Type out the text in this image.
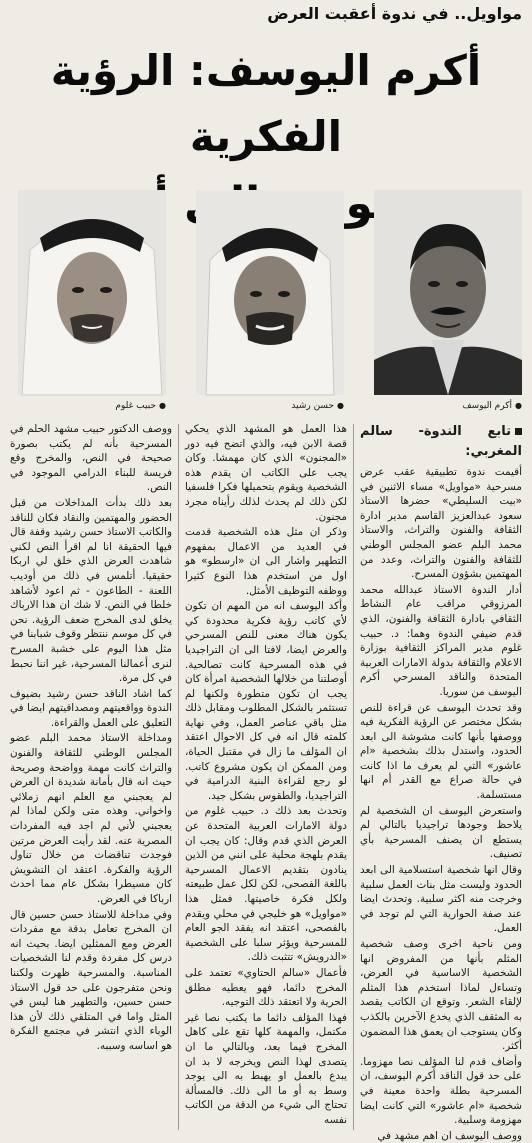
مواويل.. في ندوة أعقبت العرض
أكرم اليوسف: الرؤية الفكرية
مشوشة
●أكرم اليوسف
●حسن رشيد
●حبيب غلوم
تابع الندوة- سالم المغربي:

أقيمت ندوة تطبيقية عقب عرض مسرحية «مواويل» مساء الاثنين في «بيت السليطي» حضرها الاستاذ سعود عبدالعزيز القاسم مدير ادارة الثقافة والفنون والتراث، والاستاذ محمد البلم عضو المجلس الوطني للثقافة والفنون والتراث، وعدد من المهتمين بشؤون المسرح.

أدار الندوة الاستاذ عبدالله محمد المرزوقي مراقب عام النشاط الثقافي بادارة الثقافة والفنون، الذي قدم ضيفي الندوة وهما: د. حبيب غلوم مدير المراكز الثقافية بوزارة الاعلام والثقافة بدولة الامارات العربية المتحدة والناقد المسرحي أكرم اليوسف من سوريا.

وقد تحدث اليوسف عن قراءة للنص بشكل مختصر عن الرؤية الفكرية فيه ووصفها بأنها كانت مشوشة الى ابعد الحدود، واستدل بذلك بشخصية «ام عاشور» التي لم يعرف ما اذا كانت في حالة صراع مع القدر أم انها مستسلمة.

واستعرض اليوسف ان الشخصية لم يلاحظ وجودها تراجيديا بالتالي لم يستطع ان يصنف المسرحية بأي تصنيف.

وقال انها شخصية استسلامية الى ابعد الحدود وليست مثل بنات العمل سلبية وخرجت منه اكثر سلبية. وتحدث ايضا عند صفة الحوارية التي لم توجد في العمل.

ومن ناحية اخرى وصف شخصية المثلم بأنها من المفروض انها الشخصية الاساسية في العرض، وتساءل لماذا استخدم هذا المثلم لإلقاء الشعر. وتوقع ان الكاتب يقصد به المثقف الذي يخدع الآخرين بالكذب وكان يستوجب ان يعمق هذا المضمون أكثر.

وأضاف قدم لنا المؤلف نصا مهزوما. على حد قول الناقد أكرم اليوسف، ان المسرحية بطلة واحدة معينة في شخصية «ام عاشور» التي كانت ايضا مهزومة وسلبية.

ووصف اليوسف ان اهم مشهد في

هذا العمل هو المشهد الذي يحكي قصة الابن فيه، والذي اتضح فيه دور «المجنون» الذي كان مهمشا. وكان يجب على الكاتب ان يقدم هذه الشخصية ويقوم بتحميلها فكرا فلسفيا لكن ذلك لم يحدث لذلك رأيناه مجرد مجنون.

وذكر ان مثل هذه الشخصية قدمت في العديد من الاعمال بمفهوم التطهير واشار الى ان «ارسطو» هو اول من استخدم هذا النوع كثيرا ووظفه التوظيف الأمثل.

وأكد اليوسف انه من المهم ان تكون لأي كاتب رؤية فكرية محدودة كي يكون هناك معنى للنص المسرحي والعرض ايضا، لافتا الى ان التراجيديا في هذه المسرحية كانت تصالحية. أوصلتنا من خلالها الشخصية امرأة كان يجب ان تكون متطورة ولكنها لم تستثمر بالشكل المطلوب ومقابل ذلك مثل باقي عناصر العمل، وفي نهاية كلمته قال انه في كل الاحوال اعتقد ان المؤلف ما زال في مقتبل الحياة، ومن الممكن ان يكون مشروع كاتب. لو رجع لقراءة البنية الدرامية في التراجيديا، والطقوس بشكل جيد.

وتحدث بعد ذلك د. حبيب غلوم من دولة الامارات العربية المتحدة عن العرض الذي قدم وقال: كان يجب ان يقدم بلهجة محلية على انني من الذين ينادون بتقديم الاعمال المسرحية باللغة الفصحى، لكن لكل عمل طبيعته ولكل فكرة خاصيتها. فمثل هذا «مواويل» هو خليجي في محلي ويقدم بالفصحى، اعتقد انه يفقد الجو العام للمسرحية ويؤثر سلبا على الشخصية «الدرويش» تتثبت ذلك.

فأعمال «سالم الحتاوي» تعتمد على المخرج دائما، فهو يعطيه مطلق الحرية ولا اتعتقد ذلك التوجيه.

فهذا المؤلف دائما ما يكتب نصا غير مكتمل، والمهمة كلها تقع على كاهل المخرج فيما بعد، وبالتالي ما ان يتصدى لهذا النص ويخرجه لا بد ان يبدع بالعمل او يهبط به الى يوجد وسط به أو ما الى ذلك. فالمسألة تحتاج الى شيء من الدقة من الكاتب نفسه

ووصف الدكتور حبيب مشهد الحلم في المسرحية بأنه لم يكتب بصورة صحيحة في النص، والمخرج وقع فريسة للبناء الدرامي الموجود في النص.

بعد ذلك بدأت المداخلات من قبل الحضور والمهتمين والنقاد فكان للناقد والكاتب الاستاذ حسن رشيد وقفة قال فيها الحقيقة انا لم اقرأ النص لكني شاهدت العرض الذي خلق لي اربكا حقيقيا. أتلمس في ذلك من أوديب اللعنة - الطاعون - ثم اعود لأشاهد خلطا في النص. لا شك ان هذا الارباك يخلق لدى المخرج ضعف الرؤية. نحن في كل موسم ننتظر وقوف شبابنا في مثل هذا اليوم على خشبة المسرح لنرى أعمالنا المسرحية، غير اننا نحبط في كل مرة.

كما اشاد الناقد حسن رشيد بضيوف الندوة وواقعيتهم ومصداقيتهم ايضا في التعليق على العمل والقراءة.

ومداخلة الاستاذ محمد البلم عضو المجلس الوطني للثقافة والفنون والتراث كانت مهمة وواضحة وصريحة حيث انه قال بأمانة شديدة ان العرض لم يعجبني مع العلم انهم زملائي واخواني. وهذه متى ولكن لماذا لم يعجبني لأني لم اجد فيه المفردات المصرية عنه. لقد رأيت العرض مرتين فوجدت تناقضات من خلال تناول الرؤية والفكرة. اعتقد ان التشويش كان مسيطرا بشكل عام مما احدث ارباكا في العرض.

وفي مداخلة للاستاذ حسن حسين قال ان المخرج تعامل بدقة مع مفردات العرض ومع الممثلين ايضا. بحيث انه درس كل مفردة وقدم لنا الشخصيات المناسبة. والمسرحية ظهرت ولكننا ونحن متفرجون على حد قول الاستاذ حسن حسين، والتطهير هنا ليس في المثل واما في المتلقي ذلك لأن هذا الوباء الذي انتشر في مجتمع الفكرة هو اساسه وسببه.
